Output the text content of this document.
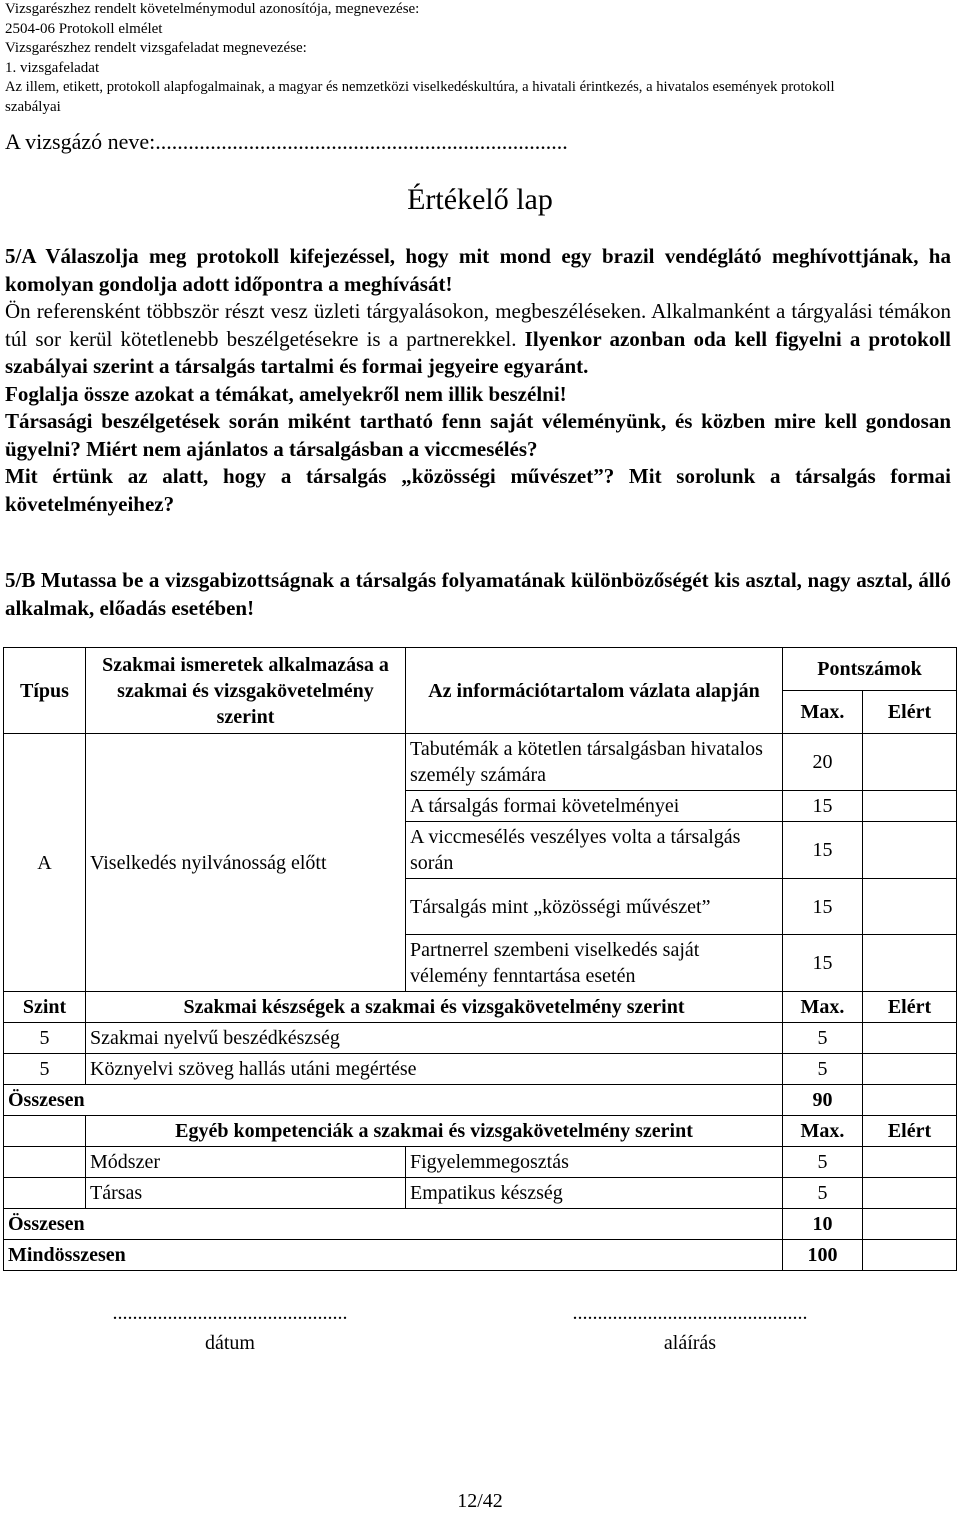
Vizsgarészhez rendelt követelménymodul azonosítója, megnevezése:
2504-06 Protokoll elmélet
Vizsgarészhez rendelt vizsgafeladat megnevezése:
1. vizsgafeladat
Az illem, etikett, protokoll alapfogalmainak, a magyar és nemzetközi viselkedéskultúra, a hivatali érintkezés, a hivatalos események protokoll
szabályai
A vizsgázó neve:...........................................................................
Értékelő lap

5/A Válaszolja meg protokoll kifejezéssel, hogy mit mond egy brazil vendéglátó meghívottjának, ha komolyan gondolja adott időpontra a meghívását!

Ön referensként többször részt vesz üzleti tárgyalásokon, megbeszéléseken. Alkalmanként a tárgyalási témákon túl sor kerül kötetlenebb beszélgetésekre is a partnerekkel. Ilyenkor azonban oda kell figyelni a protokoll szabályai szerint a társalgás tartalmi és formai jegyeire egyaránt.

Foglalja össze azokat a témákat, amelyekről nem illik beszélni!

Társasági beszélgetések során miként tartható fenn saját véleményünk, és közben mire kell gondosan ügyelni? Miért nem ajánlatos a társalgásban a viccmesélés?

Mit értünk az alatt, hogy a társalgás „közösségi művészet”? Mit sorolunk a társalgás formai követelményeihez?

5/B Mutassa be a vizsgabizottságnak a társalgás folyamatának különbözőségét kis asztal, nagy asztal, álló alkalmak, előadás esetében!

Típus	Szakmai ismeretek alkalmazása a szakmai és vizsgakövetelmény szerint	Az információtartalom vázlata alapján	Pontszámok	
			Max.	Elért
A	Viselkedés nyilvánosság előtt	Tabutémák a kötetlen társalgásban hivatalos személy számára	20	
		A társalgás formai követelményei	15	
		A viccmesélés veszélyes volta a társalgás során	15	
		Társalgás mint „közösségi művészet”	15	
		Partnerrel szembeni viselkedés saját vélemény fenntartása esetén	15	
Szint	Szakmai készségek a szakmai és vizsgakövetelmény szerint		Max.	Elért
5	Szakmai nyelvű beszédkészség		5	
5	Köznyelvi szöveg hallás utáni megértése		5	
Összesen			90	
	Egyéb kompetenciák a szakmai és vizsgakövetelmény szerint		Max.	Elért
	Módszer	Figyelemmegosztás	5	
	Társas	Empatikus készség	5	
Összesen			10	
Mindösszesen			100	
...............................................
dátum
...............................................
aláírás
12/42
